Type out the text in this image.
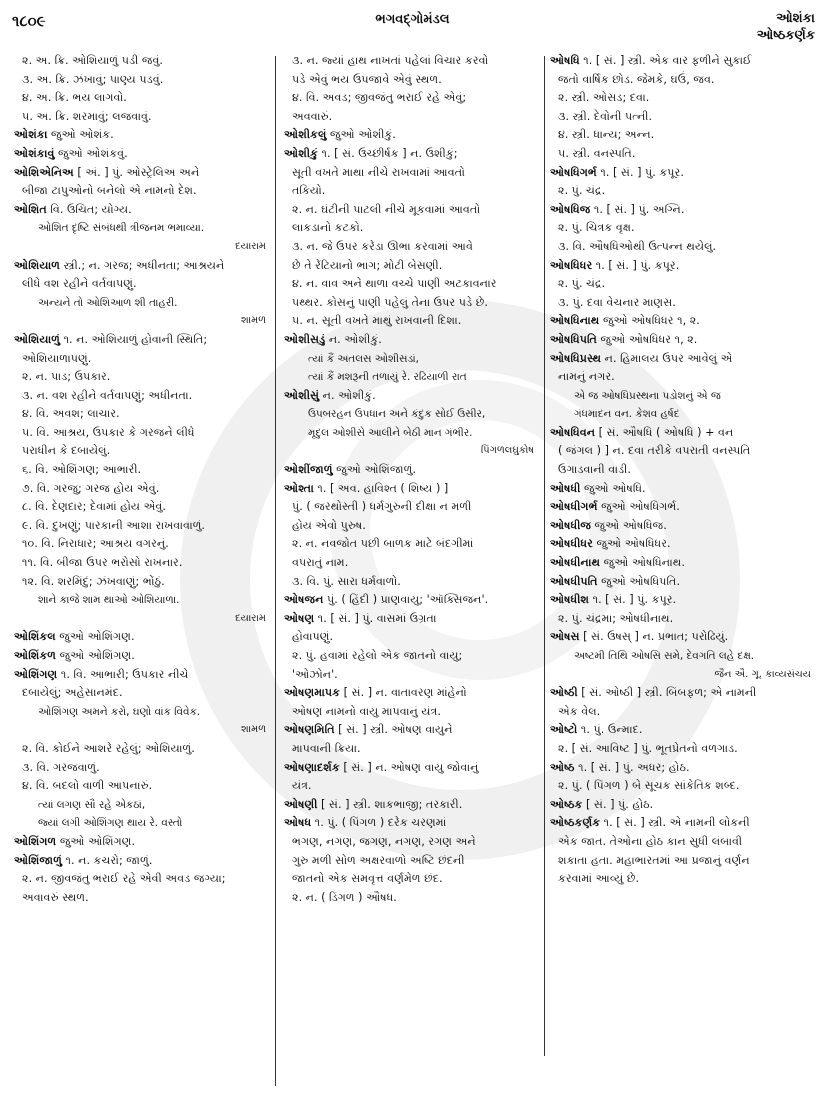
૧૮૦૯	ભગવદ્ગોમંડલ	ઓશંકા
ઓષ્ઠકર્ણક
૨. અ. ક્રિ. ઓશિયાળું પડી જવું.
૩. અ. ક્રિ. ઝંખાવું; પાણ્ય પડવું.
૪. અ. ક્રિ. ભય લાગવો.
૫. અ. ક્રિ. શરમાવું; લજવાવું.
ઓશંકા જુઓ ઓશંક.
ઓશંકાવું જુઓ ઓશંકવું.
ઓશિએનિઅ [ અં. ] પું. ઓસ્ટ્રેલિઅ અને
બીજા ટાપુઓનો બનેલો એ નામનો દેશ.
ઓશિત વિ. ઉચિત; યોગ્ય.
ઓશિત દૃષ્ટિ સંબંધથી ત્રીજનમ ભમાવ્યા.
દયારામ
ઓશિયાળ સ્ત્રી.; ન. ગરજ; અધીનતા; આશ્રયને
લીધે વશ રહીને વર્તવાપણું.
અન્યને તો ઓશિઆળ શી તાહરી.
શામળ
ઓશિયાળું ૧. ન. ઓશિયાળું હોવાની સ્થિતિ;
ઓશિયાળાપણું.
૨. ન. પાડ; ઉપકાર.
૩. ન. વશ રહીને વર્તવાપણું; અધીનતા.
૪. વિ. અવશ; લાચાર.
૫. વિ. આશ્રય, ઉપકાર કે ગરજને લીધે
પરાધીન કે દબાયેલું.
૬. વિ. ઓશિંગણ; આભારી.
૭. વિ. ગરજુ; ગરજ હોય એવું.
૮. વિ. દેણદાર; દેવામાં હોય એવું.
૯. વિ. દુખણું; પારકાની આશા રાખવાવાળું.
૧૦. વિ. નિરાધાર; આશ્રય વગરનું.
૧૧. વિ. બીજા ઉપર ભરોસો રાખનાર.
૧૨. વિ. શરમિંદું; ઝંખવાણું; ભોંઠું.
શાને કાજે શામ થાઓ ઓશિયાળા.
દયારામ
ઓશિંકલ જુઓ ઓશિંગણ.
ઓશિંકળ જુઓ ઓશિંગણ.
ઓશિંગણ ૧. વિ. આભારી; ઉપકાર નીચે
દબાયેલું; અહેસાનમંદ.
ઓશિંગણ અમને કરો, ઘણો વાંક વિવેક.
શામળ
૨. વિ. કોઈને આશરે રહેલું; ઓશિયાળું.
૩. વિ. ગરજવાળું.
૪. વિ. બદલો વાળી આપનારું.
ત્યાં લગણ સૌ રહે એકઠાં,
જ્યાં લગી ઓશિંગણ થાય રે. વસ્તો
ઓશિંગળ જુઓ ઓશિંગણ.
ઓશિંજાળું ૧. ન. કચરો; જાળું.
૨. ન. જીવજંતુ ભરાઈ રહે એવી અવડ જગ્યા;
અવાવરું સ્થળ.
૩. ન. જ્યાં હાથ નાખતાં પહેલાં વિચાર કરવો
પડે એવું ભય ઉપજાવે એવું સ્થળ.
૪. વિ. અવડ; જીવજંતુ ભરાઈ રહે એવું;
અવવારું.
ઓશીકલું જુઓ ઓશીકું.
ઓશીકું ૧. [ સં. ઉચ્છીર્ષક ] ન. ઉશીકું;
સૂતી વખતે માથા નીચે રાખવામાં આવતો
તકિયો.
૨. ન. ઘંટીની પાટલી નીચે મૂકવામાં આવતો
લાકડાનો કટકો.
૩. ન. જે ઉપર કરેડા ઊભા કરવામાં આવે
છે તે રેંટિયાનો ભાગ; મોટી બેસણી.
૪. ન. વાવ અને થાળા વચ્ચે પાણી અટકાવનાર
પથ્થર. કોસનું પાણી પહેલું તેના ઉપર પડે છે.
૫. ન. સૂતી વખતે માથું રાખવાની દિશા.
ઓશીસડું ન. ઓશીકું.
ત્યાં કૈં અતલસ ઓશીસડાં,
ત્યાં કૈં મશરૂની તળાયું રે. રઢિયાળી રાત
ઓશીસું ન. ઓશીકું.
ઉપબરહન ઉપધાન અને કંદુક સોઈ ઉસીર,
મૃદુલ ઓશીસે આલીને બેઠી માન ગંભીર.
પિંગળલઘુકોષ
ઓશીંજાળું જુઓ ઓશિંજાળું.
ઓશ્તા ૧. [ અવ. હાવિશ્ત ( શિષ્ય ) ]
પું. ( જરથોસ્તી ) ધર્મગુરુની દીક્ષા ન મળી
હોય એવો પુરુષ.
૨. ન. નવજોત પછી બાળક માટે બંદગીમાં
વપરાતું નામ.
૩. વિ. પું. સારા ધર્મવાળો.
ઓષજન પું. ( હિંદી ) પ્રાણવાયુ; 'ઑક્સિજન'.
ઓષણ ૧. [ સં. ] પું. વાસમાં ઉગ્રતા
હોવાપણું.
૨. પું. હવામાં રહેલો એક જાતનો વાયુ;
'ઓઝોન'.
ઓષણમાપક [ સં. ] ન. વાતાવરણ માંહેનો
ઓષણ નામનો વાયુ માપવાનું યંત્ર.
ઓષણમિતિ [ સં. ] સ્ત્રી. ઓષણ વાયુને
માપવાની ક્રિયા.
ઓષણાદર્શક [ સં. ] ન. ઓષણ વાયુ જોવાનું
યંત્ર.
ઓષણી [ સં. ] સ્ત્રી. શાકભાજી; તરકારી.
ઓષધ ૧. પું. ( પિંગળ ) દરેક ચરણમાં
ભગણ, નગણ, જગણ, નગણ, રગણ અને
ગુરુ મળી સોળ અક્ષરવાળો અષ્ટિ છંદની
જાતનો એક સમવૃત્ત વર્ણમેળ છંદ.
૨. ન. ( ડિંગળ ) ઔષધ.
ઓષધિ ૧. [ સં. ] સ્ત્રી. એક વાર ફળીને સુકાઈ
જતો વાર્ષિક છોડ. જેમકે, ઘઉં, જવ.
૨. સ્ત્રી. ઓસડ; દવા.
૩. સ્ત્રી. દેવોની પત્ની.
૪. સ્ત્રી. ધાન્ય; અન્ન.
૫. સ્ત્રી. વનસ્પતિ.
ઓષધિગર્ભ ૧. [ સં. ] પું. કપૂર.
૨. પું. ચંદ્ર.
ઓષધિજ ૧. [ સં. ] પું. અગ્નિ.
૨. પું. ચિત્રક વૃક્ષ.
૩. વિ. ઔષધિઓથી ઉત્પન્ન થયેલું.
ઓષધિધર ૧. [ સં. ] પું. કપૂર.
૨. પું. ચંદ્ર.
૩. પું. દવા વેચનાર માણસ.
ઓષધિનાથ જુઓ ઓષધિધર ૧, ૨.
ઓષધિપતિ જુઓ ઓષધિધર ૧, ૨.
ઓષધિપ્રસ્થ ન. હિમાલય ઉપર આવેલું એ
નામનું નગર.
એ જ ઓષધિપ્રસ્થના પડોશનું એ જ
ગંધમાદન વન. કેશવ હર્ષદ
ઓષધિવન [ સં. ઔષધિ ( ઓષધિ ) + વન
( જંગલ ) ] ન. દવા તરીકે વપરાતી વનસ્પતિ
ઉગાડવાની વાડી.
ઓષધી જુઓ ઓષધિ.
ઓષધીગર્ભ જુઓ ઓષધિગર્ભ.
ઓષધીજ જુઓ ઓષધિજ.
ઓષધીધર જુઓ ઓષધિધર.
ઓષધીનાથ જુઓ ઓષધિનાથ.
ઓષધીપતિ જુઓ ઓષધિપતિ.
ઓષધીશ ૧. [ સં. ] પું. કપૂર.
૨. પું. ચંદ્રમા; ઓષધીનાથ.
ઓષસ [ સં. ઉષસ્ ] ન. પ્રભાત; પરોઢિયું.
અષ્ટમી તિથિ ઓષસિ સમે, દેવગતિ લહે દક્ષ.
જૈન ઐ. ગૂ. કાવ્યસંચય
ઓષ્ઠી [ સં. ઓષ્ઠી ] સ્ત્રી. બિંબફળ; એ નામની
એક વેલ.
ઓષ્ટો ૧. પું. ઉન્માદ.
૨. [ સં. આવિષ્ટ ] પું. ભૂતપ્રેતનો વળગાડ.
ઓષ્ઠ ૧. [ સં. ] પું. અધર; હોઠ.
૨. પું. ( પિંગળ ) બે સૂચક સાંકેતિક શબ્દ.
ઓષ્ઠક [ સં. ] પું. હોઠ.
ઓષ્ઠકર્ણક ૧. [ સં. ] સ્ત્રી. એ નામની લોકની
એક જાત. તેઓના હોઠ કાન સુધી લંબાવી
શકાતા હતા. મહાભારતમાં આ પ્રજાનું વર્ણન
કરવામાં આવ્યું છે.
